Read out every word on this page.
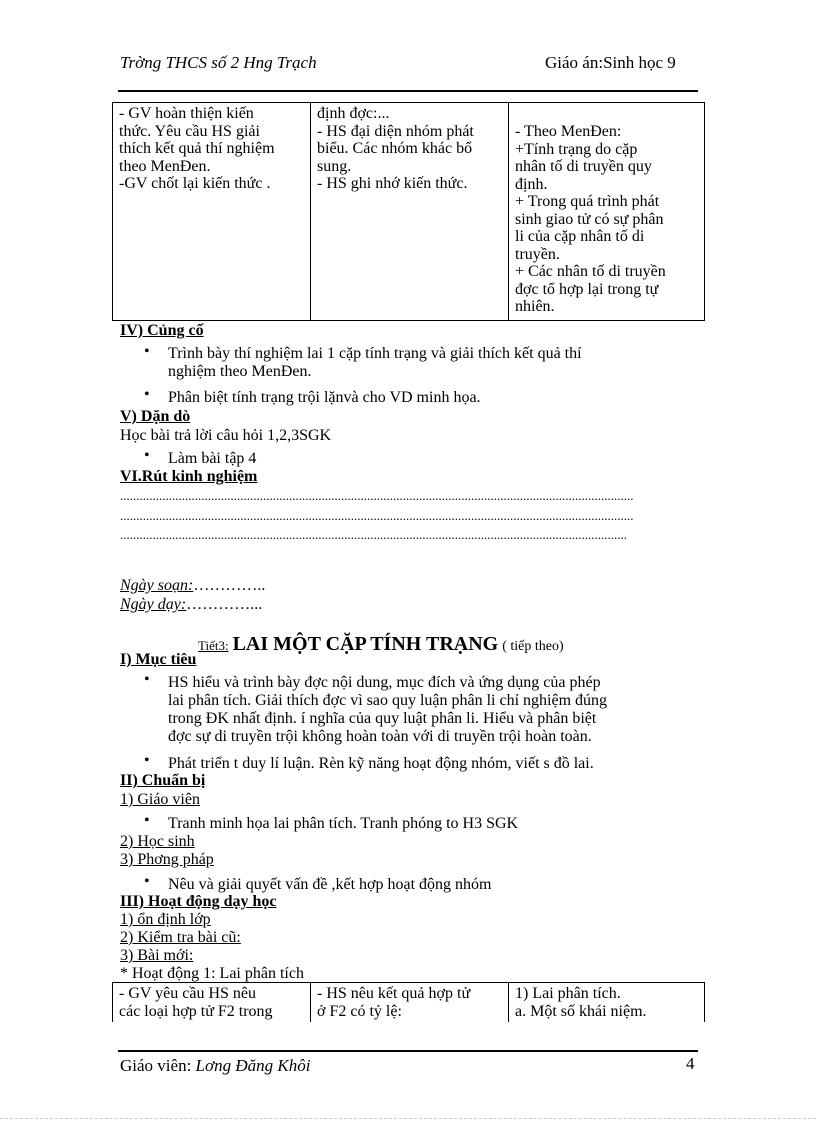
Trờng THCS số 2 Hng Trạch	Giáo án:Sinh học 9
- GV hoàn thiện kiến
thức. Yêu cầu HS giải
thích kết quả thí nghiệm
theo MenĐen.
-GV chốt lại kiến thức .

định đợc:...
- HS đại diện nhóm phát
biểu. Các nhóm khác bổ
sung.
- HS ghi nhớ kiến thức.

- Theo MenĐen:
+Tính trạng do cặp
nhân tố di truyền quy
định.
+ Trong quá trình phát
sinh giao tử có sự phân
li của cặp nhân tố di
truyền.
+ Các nhân tố di truyền
đợc tổ hợp lại trong tự
nhiên.
IV) Củng cố
• Trình bày thí nghiệm lai 1 cặp tính trạng và giải thích kết quả thí
nghiệm theo MenĐen.
• Phân biệt tính trạng trội lặnvà cho VD minh họa.
V) Dặn dò
Học bài trả lời câu hỏi 1,2,3SGK
• Làm bài tập 4
VI.Rút kinh nghiệm
..............................................................................................................................................................
..............................................................................................................................................................
............................................................................................................................................................
Ngày soạn:…………..
Ngày dạy:…………...
Tiết3: LAI MỘT CẶP TÍNH TRẠNG ( tiếp theo)
I) Mục tiêu
• HS hiểu và trình bày đợc nội dung, mục đích và ứng dụng của phép
lai phân tích. Giải thích đợc vì sao quy luận phân li chỉ nghiệm đúng
trong ĐK nhất định. í nghĩa của quy luật phân li. Hiểu và phân biệt
đợc sự di truyền trội không hoàn toàn với di truyền trội hoàn toàn.
• Phát triển t duy lí luận. Rèn kỹ năng hoạt động nhóm, viết s đồ lai.
II) Chuẩn bị
1) Giáo viên
• Tranh minh họa lai phân tích. Tranh phóng to H3 SGK
2) Học sinh
3) Phơng pháp
• Nêu và giải quyết vấn đề ,kết hợp hoạt động nhóm
III) Hoạt động dạy học
1) ổn định lớp
2) Kiểm tra bài cũ:
3) Bài mới:
* Hoạt động 1: Lai phân tích
- GV yêu cầu HS nêu
các loại hợp tử F2 trong

- HS nêu kết quả hợp tử
ở F2 có tỷ lệ:

1) Lai phân tích.
a. Một số khái niệm.
Giáo viên: Lơng Đăng Khôi	4
